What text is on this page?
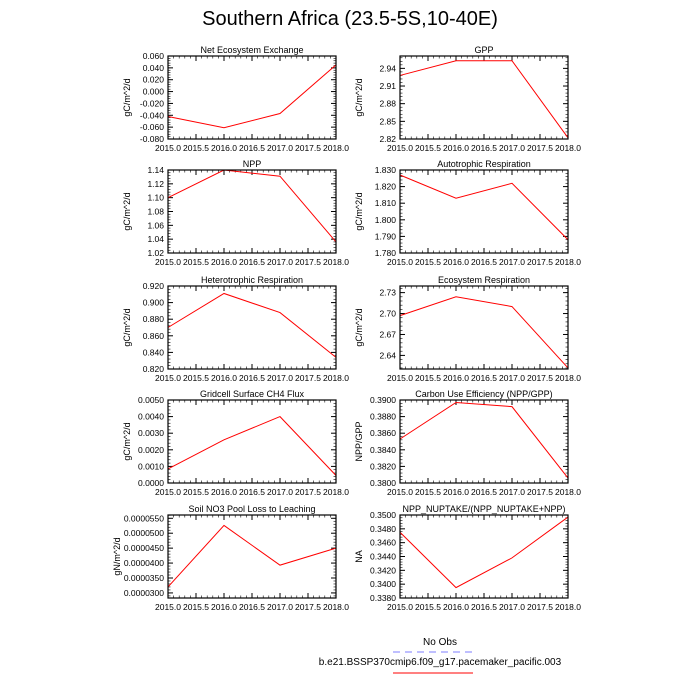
Southern Africa (23.5-5S,10-40E)
Net Ecosystem Exchange
gC/m^2/d
2015.0 2015.5 2016.0 2016.5 2017.0 2017.5 2018.0
-0.080
-0.060
-0.040
-0.020
0.000
0.020
0.040
0.060
GPP
gC/m^2/d
2015.0 2015.5 2016.0 2016.5 2017.0 2017.5 2018.0
2.82
2.85
2.88
2.91
2.94
NPP
gC/m^2/d
2015.0 2015.5 2016.0 2016.5 2017.0 2017.5 2018.0
1.02
1.04
1.06
1.08
1.10
1.12
1.14
Autotrophic Respiration
gC/m^2/d
2015.0 2015.5 2016.0 2016.5 2017.0 2017.5 2018.0
1.780
1.790
1.800
1.810
1.820
1.830
Heterotrophic Respiration
gC/m^2/d
2015.0 2015.5 2016.0 2016.5 2017.0 2017.5 2018.0
0.820
0.840
0.860
0.880
0.900
0.920
Ecosystem Respiration
gC/m^2/d
2015.0 2015.5 2016.0 2016.5 2017.0 2017.5 2018.0
2.64
2.67
2.70
2.73
Gridcell Surface CH4 Flux
gC/m^2/d
2015.0 2015.5 2016.0 2016.5 2017.0 2017.5 2018.0
0.0000
0.0010
0.0020
0.0030
0.0040
0.0050
Carbon Use Efficiency (NPP/GPP)
NPP/GPP
2015.0 2015.5 2016.0 2016.5 2017.0 2017.5 2018.0
0.3800
0.3820
0.3840
0.3860
0.3880
0.3900
Soil NO3 Pool Loss to Leaching
gN/m^2/d
2015.0 2015.5 2016.0 2016.5 2017.0 2017.5 2018.0
0.0000300
0.0000350
0.0000400
0.0000450
0.0000500
0.0000550
NPP_NUPTAKE/(NPP_NUPTAKE+NPP)
NA
2015.0 2015.5 2016.0 2016.5 2017.0 2017.5 2018.0
0.3380
0.3400
0.3420
0.3440
0.3460
0.3480
0.3500
No Obs
b.e21.BSSP370cmip6.f09_g17.pacemaker_pacific.003
